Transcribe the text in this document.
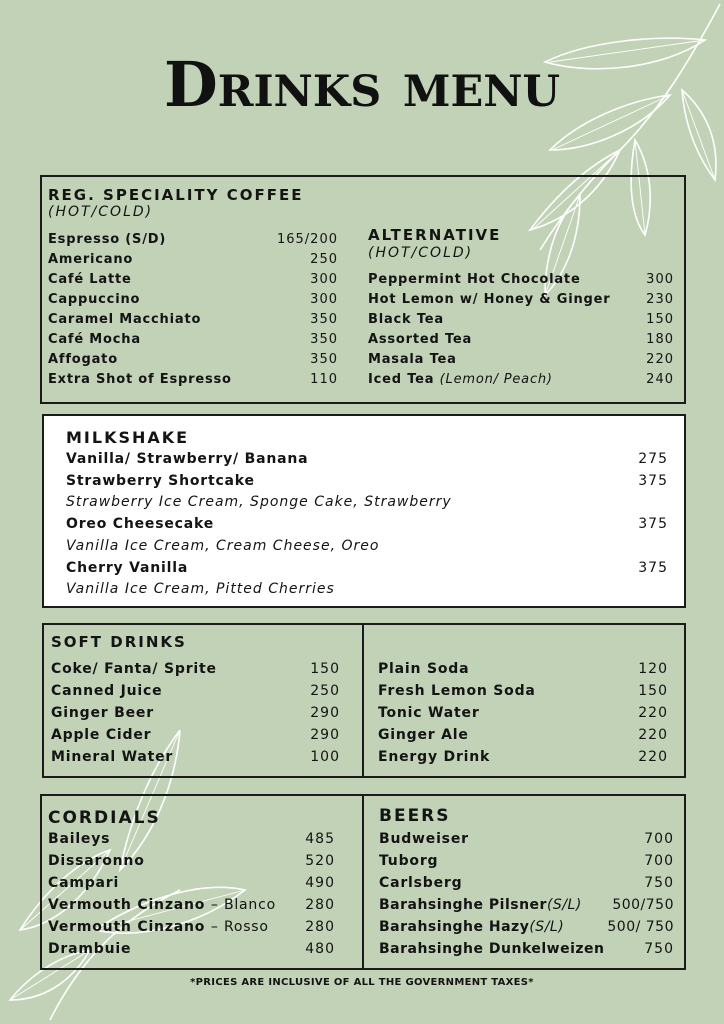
Drinks menu
REG. SPECIALITY COFFEE
(HOT/COLD)
Espresso (S/D)	165/200
Americano	250
Café Latte	300
Cappuccino	300
Caramel Macchiato	350
Café Mocha	350
Affogato	350
Extra Shot of Espresso	110
ALTERNATIVE
(HOT/COLD)
Peppermint Hot Chocolate	300
Hot Lemon w/ Honey & Ginger	230
Black Tea	150
Assorted Tea	180
Masala Tea	220
Iced Tea (Lemon/ Peach)	240
MILKSHAKE
Vanilla/ Strawberry/ Banana	275
Strawberry Shortcake	375
Strawberry Ice Cream, Sponge Cake, Strawberry
Oreo Cheesecake	375
Vanilla Ice Cream, Cream Cheese, Oreo
Cherry Vanilla	375
Vanilla Ice Cream, Pitted Cherries
SOFT DRINKS
Coke/ Fanta/ Sprite	150
Canned Juice	250
Ginger Beer	290
Apple Cider	290
Mineral Water	100
Plain Soda	120
Fresh Lemon Soda	150
Tonic Water	220
Ginger Ale	220
Energy Drink	220
CORDIALS
Baileys	485
Dissaronno	520
Campari	490
Vermouth Cinzano – Blanco 280
Vermouth Cinzano – Rosso	280
Drambuie	480
BEERS
Budweiser	700
Tuborg	700
Carlsberg	750
Barahsinghe Pilsner(S/L) 500/750
Barahsinghe Hazy(S/L)	500/ 750
Barahsinghe Dunkelweizen	750
*PRICES ARE INCLUSIVE OF ALL THE GOVERNMENT TAXES*
